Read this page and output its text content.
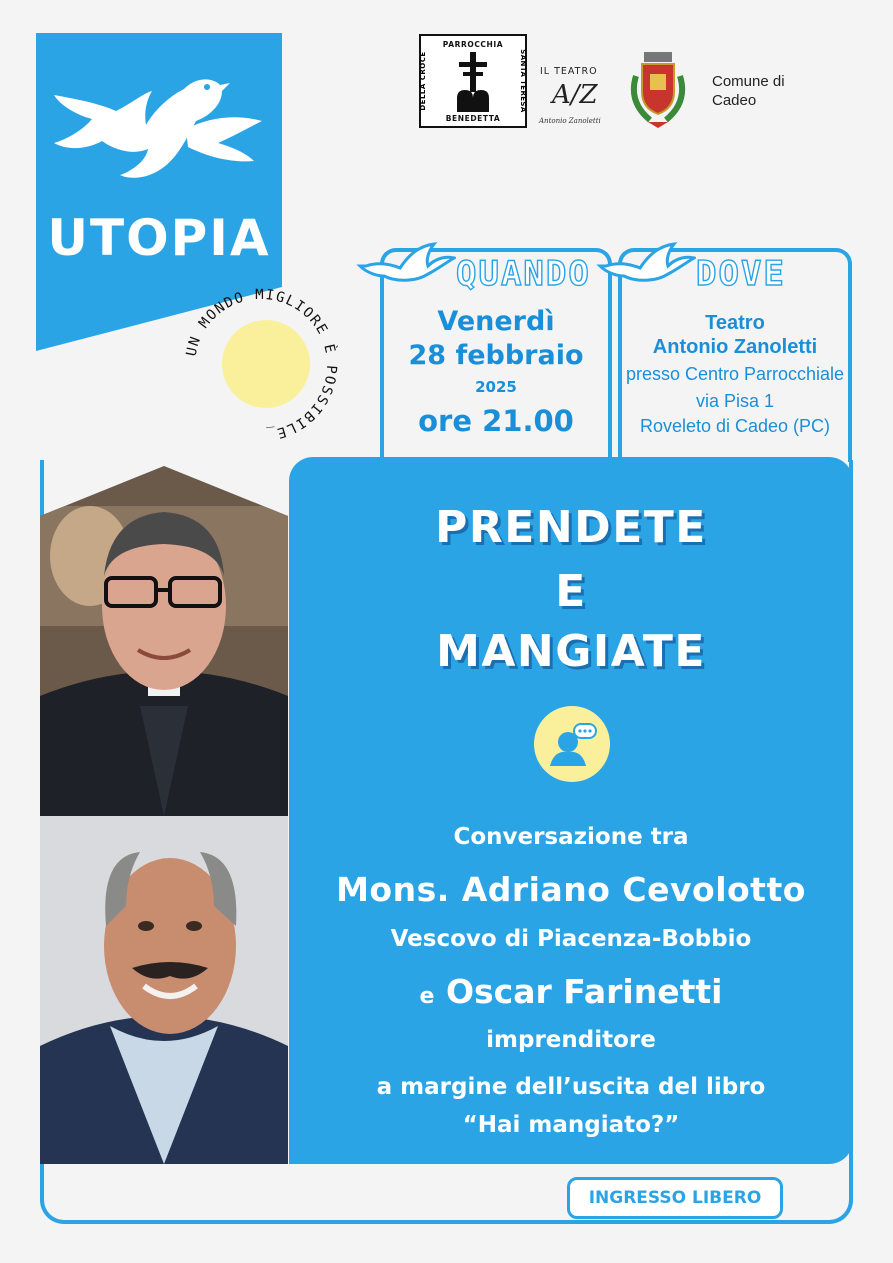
UTOPIA
UN MONDO MIGLIORE È POSSIBILE_
PARROCCHIA
DELLA CROCE	SANTA TERESA
BENEDETTA
IL TEATRO
A/Z
Antonio Zanoletti
Comune di
Cadeo
QUANDO
Venerdì
28 febbraio
2025
ore 21.00
DOVE
Teatro
Antonio Zanoletti
presso Centro Parrocchiale
via Pisa 1
Roveleto di Cadeo (PC)
PRENDETE
E
MANGIATE
Conversazione tra
Mons. Adriano Cevolotto
Vescovo di Piacenza-Bobbio
e Oscar Farinetti
imprenditore
a margine dell’uscita del libro
“Hai mangiato?”
INGRESSO LIBERO
